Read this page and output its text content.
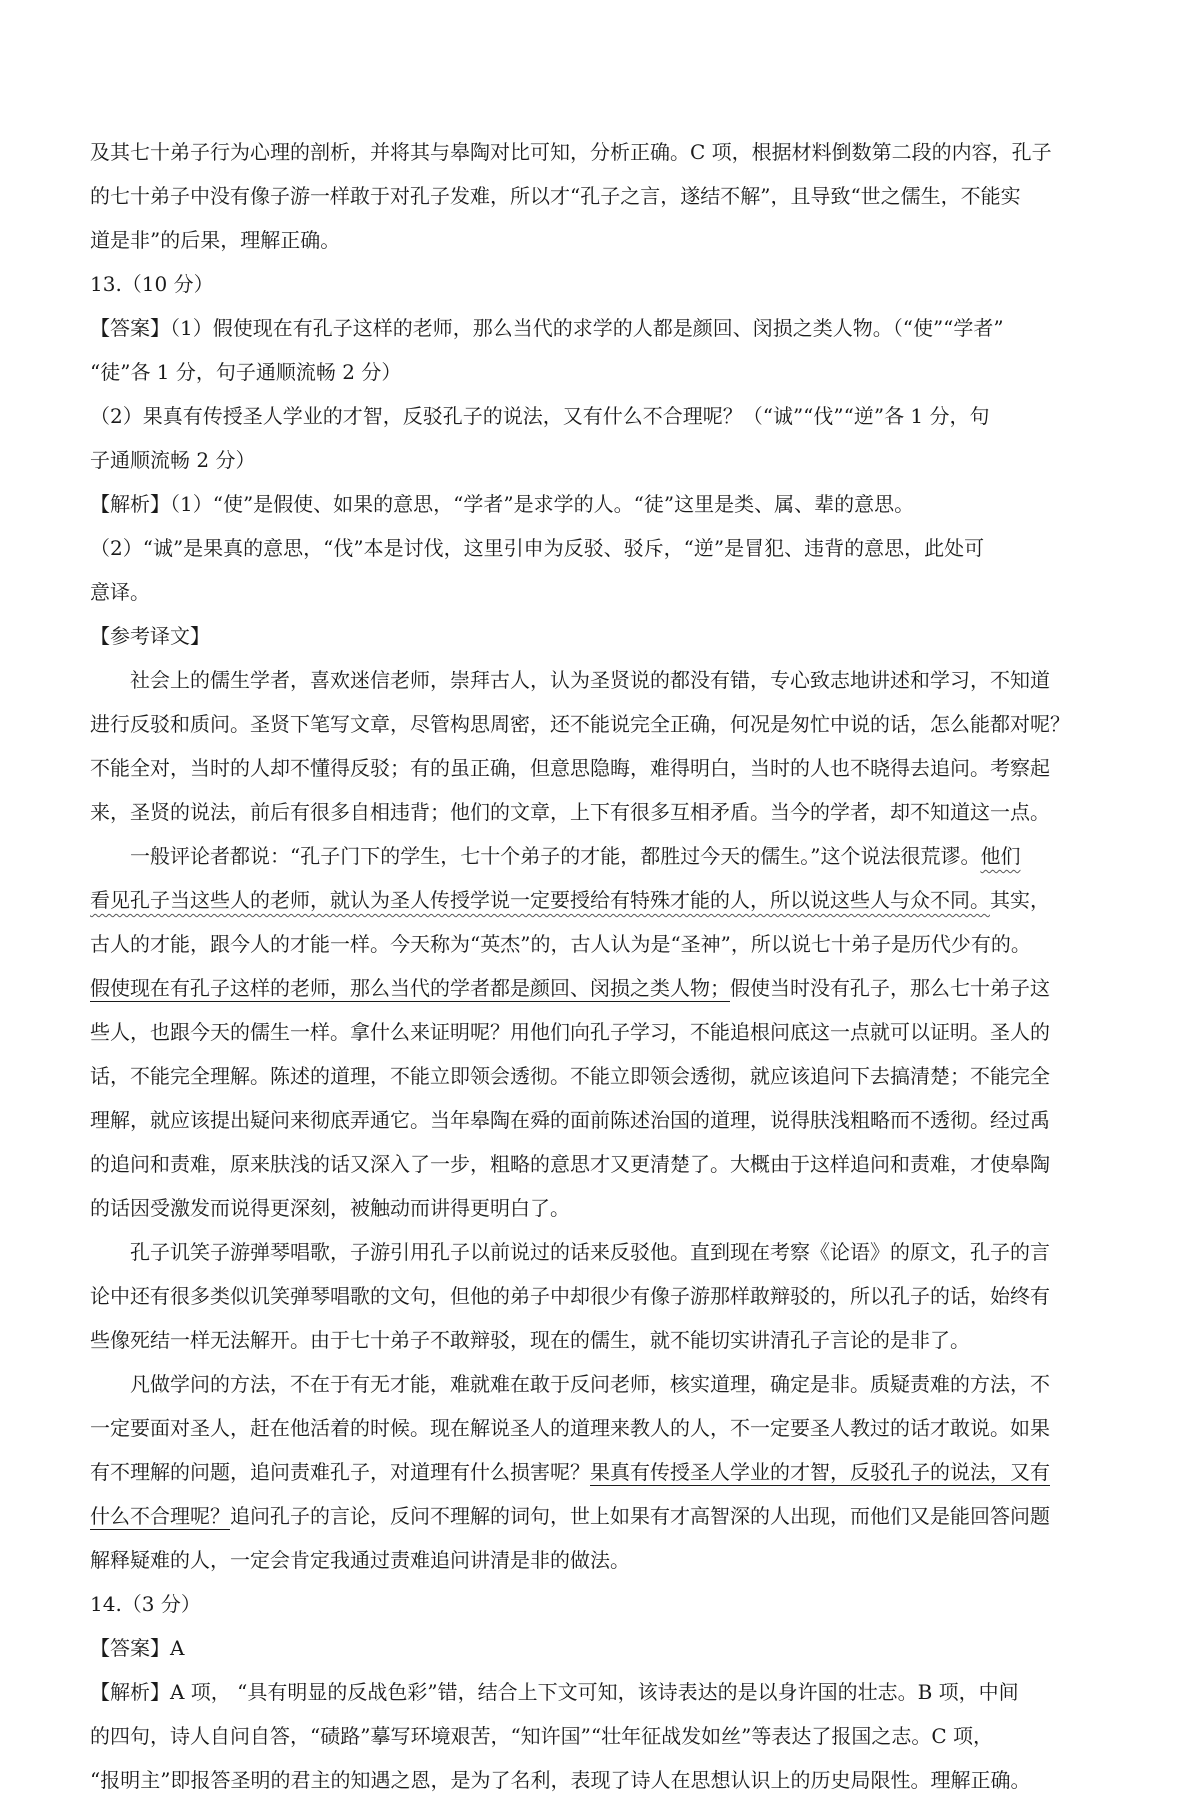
及其七十弟子行为心理的剖析，并将其与皋陶对比可知，分析正确。C 项，根据材料倒数第二段的内容，孔子
的七十弟子中没有像子游一样敢于对孔子发难，所以才“孔子之言，遂结不解”，且导致“世之儒生，不能实
道是非”的后果，理解正确。
13.（10 分）
【答案】（1）假使现在有孔子这样的老师，那么当代的求学的人都是颜回、闵损之类人物。（“使”“学者”
“徒”各 1 分，句子通顺流畅 2 分）
（2）果真有传授圣人学业的才智，反驳孔子的说法，又有什么不合理呢？（“诚”“伐”“逆”各 1 分，句
子通顺流畅 2 分）
【解析】（1）“使”是假使、如果的意思，“学者”是求学的人。“徒”这里是类、属、辈的意思。
（2）“诚”是果真的意思，“伐”本是讨伐，这里引申为反驳、驳斥，“逆”是冒犯、违背的意思，此处可
意译。
【参考译文】
社会上的儒生学者，喜欢迷信老师，崇拜古人，认为圣贤说的都没有错，专心致志地讲述和学习，不知道
进行反驳和质问。圣贤下笔写文章，尽管构思周密，还不能说完全正确，何况是匆忙中说的话，怎么能都对呢？
不能全对，当时的人却不懂得反驳；有的虽正确，但意思隐晦，难得明白，当时的人也不晓得去追问。考察起
来，圣贤的说法，前后有很多自相违背；他们的文章，上下有很多互相矛盾。当今的学者，却不知道这一点。
一般评论者都说：“孔子门下的学生，七十个弟子的才能，都胜过今天的儒生。”这个说法很荒谬。他们
看见孔子当这些人的老师，就认为圣人传授学说一定要授给有特殊才能的人，所以说这些人与众不同。其实，
古人的才能，跟今人的才能一样。今天称为“英杰”的，古人认为是“圣神”，所以说七十弟子是历代少有的。
假使现在有孔子这样的老师，那么当代的学者都是颜回、闵损之类人物；假使当时没有孔子，那么七十弟子这
些人，也跟今天的儒生一样。拿什么来证明呢？用他们向孔子学习，不能追根问底这一点就可以证明。圣人的
话，不能完全理解。陈述的道理，不能立即领会透彻。不能立即领会透彻，就应该追问下去搞清楚；不能完全
理解，就应该提出疑问来彻底弄通它。当年皋陶在舜的面前陈述治国的道理，说得肤浅粗略而不透彻。经过禹
的追问和责难，原来肤浅的话又深入了一步，粗略的意思才又更清楚了。大概由于这样追问和责难，才使皋陶
的话因受激发而说得更深刻，被触动而讲得更明白了。
孔子讥笑子游弹琴唱歌，子游引用孔子以前说过的话来反驳他。直到现在考察《论语》的原文，孔子的言
论中还有很多类似讥笑弹琴唱歌的文句，但他的弟子中却很少有像子游那样敢辩驳的，所以孔子的话，始终有
些像死结一样无法解开。由于七十弟子不敢辩驳，现在的儒生，就不能切实讲清孔子言论的是非了。
凡做学问的方法，不在于有无才能，难就难在敢于反问老师，核实道理，确定是非。质疑责难的方法，不
一定要面对圣人，赶在他活着的时候。现在解说圣人的道理来教人的人，不一定要圣人教过的话才敢说。如果
有不理解的问题，追问责难孔子，对道理有什么损害呢？果真有传授圣人学业的才智，反驳孔子的说法，又有
什么不合理呢？追问孔子的言论，反问不理解的词句，世上如果有才高智深的人出现，而他们又是能回答问题
解释疑难的人，一定会肯定我通过责难追问讲清是非的做法。
14.（3 分）
【答案】A
【解析】A 项， “具有明显的反战色彩”错，结合上下文可知，该诗表达的是以身许国的壮志。B 项，中间
的四句，诗人自问自答，“碛路”摹写环境艰苦，“知许国”“壮年征战发如丝”等表达了报国之志。C 项，
“报明主”即报答圣明的君主的知遇之恩，是为了名利，表现了诗人在思想认识上的历史局限性。理解正确。
